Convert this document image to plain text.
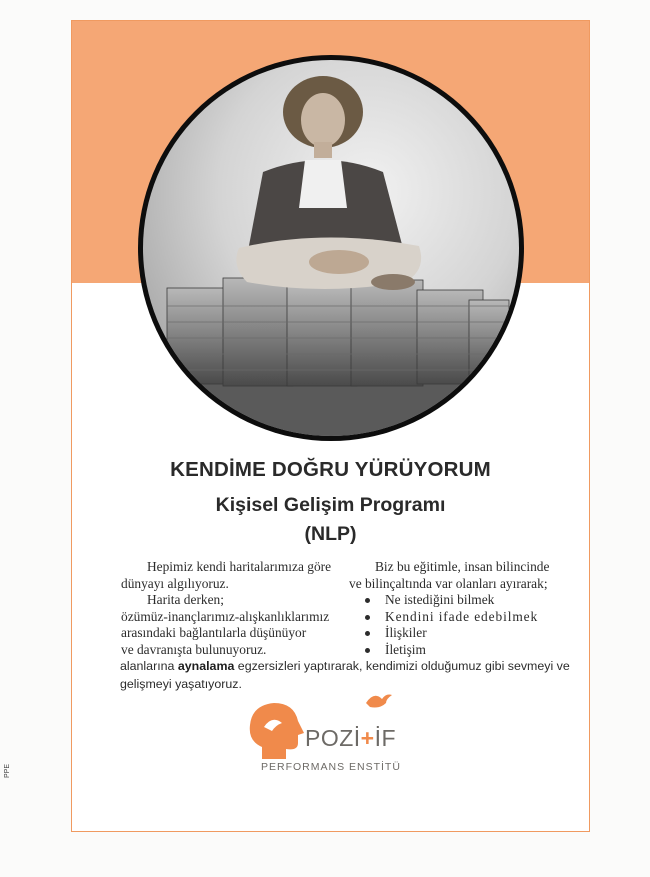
KENDİME DOĞRU YÜRÜYORUM
Kişisel Gelişim Programı
(NLP)
Hepimiz kendi haritalarımıza göre
dünyayı algılıyoruz.
Harita derken;
özümüz-inançlarımız-alışkanlıklarımız
arasındaki bağlantılarla düşünüyor
ve davranışta bulunuyoruz.
Biz bu eğitimle, insan bilincinde
ve bilinçaltında var olanları ayırarak;
Ne istediğini bilmek
Kendini ifade edebilmek
İlişkiler
İletişim
alanlarına aynalama egzersizleri yaptırarak, kendimizi olduğumuz gibi sevmeyi ve gelişmeyi yaşatıyoruz.
POZİ+İF
PERFORMANS ENSTİTÜ
PPE
